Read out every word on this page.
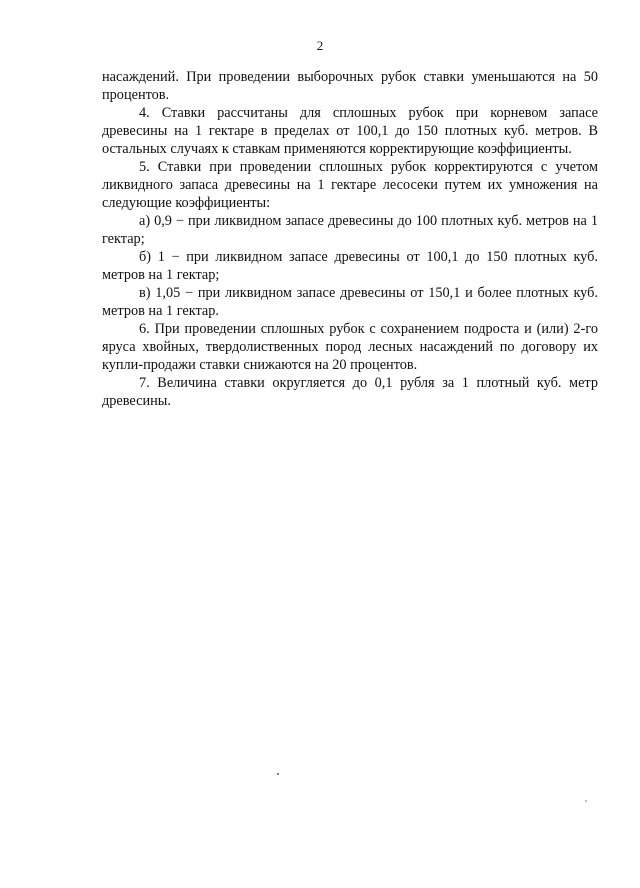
2

насаждений. При проведении выборочных рубок ставки уменьшаются на 50 процентов.

4. Ставки рассчитаны для сплошных рубок при корневом запасе древесины на 1 гектаре в пределах от 100,1 до 150 плотных куб. метров. В остальных случаях к ставкам применяются корректирующие коэффициенты.

5. Ставки при проведении сплошных рубок корректируются с учетом ликвидного запаса древесины на 1 гектаре лесосеки путем их умножения на следующие коэффициенты:

а) 0,9 − при ликвидном запасе древесины до 100 плотных куб. метров на 1 гектар;

б) 1 − при ликвидном запасе древесины от 100,1 до 150 плотных куб. метров на 1 гектар;

в) 1,05 − при ликвидном запасе древесины от 150,1 и более плотных куб. метров на 1 гектар.

6. При проведении сплошных рубок с сохранением подроста и (или) 2-го яруса хвойных, твердолиственных пород лесных насаждений по договору их купли-продажи ставки снижаются на 20 процентов.

7. Величина ставки округляется до 0,1 рубля за 1 плотный куб. метр древесины.
